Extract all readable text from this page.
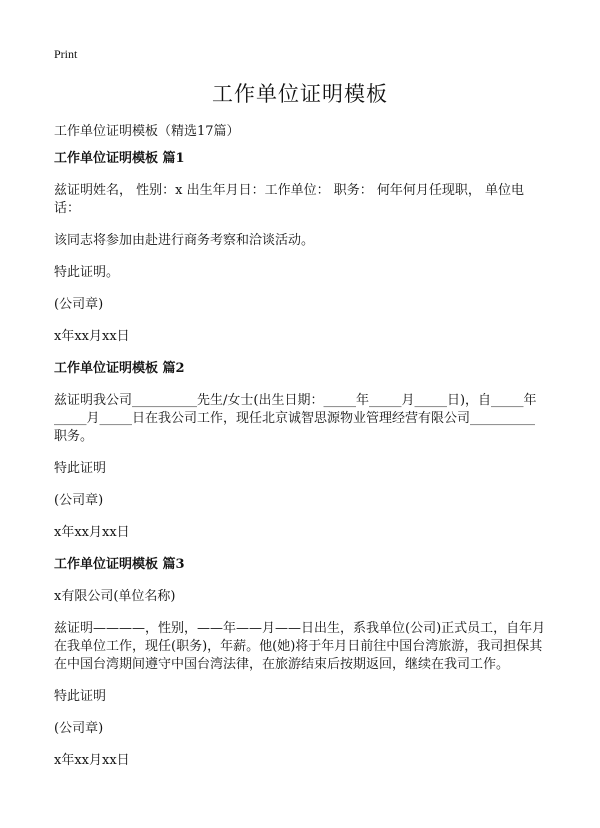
Print
工作单位证明模板
工作单位证明模板（精选17篇）
工作单位证明模板 篇1

兹证明姓名， 性别：x 出生年月日：工作单位： 职务： 何年何月任现职， 单位电话：

该同志将参加由赴进行商务考察和洽谈活动。

特此证明。

(公司章)

x年xx月xx日

工作单位证明模板 篇2

兹证明我公司__________先生/女士(出生日期：_____年_____月_____日)，自_____年_____月_____日在我公司工作，现任北京诚智思源物业管理经营有限公司__________职务。

特此证明

(公司章)

x年xx月xx日

工作单位证明模板 篇3

x有限公司(单位名称)

兹证明————，性别，——年——月——日出生，系我单位(公司)正式员工，自年月在我单位工作，现任(职务)，年薪。他(她)将于年月日前往中国台湾旅游，我司担保其在中国台湾期间遵守中国台湾法律，在旅游结束后按期返回，继续在我司工作。

特此证明

(公司章)

x年xx月xx日
